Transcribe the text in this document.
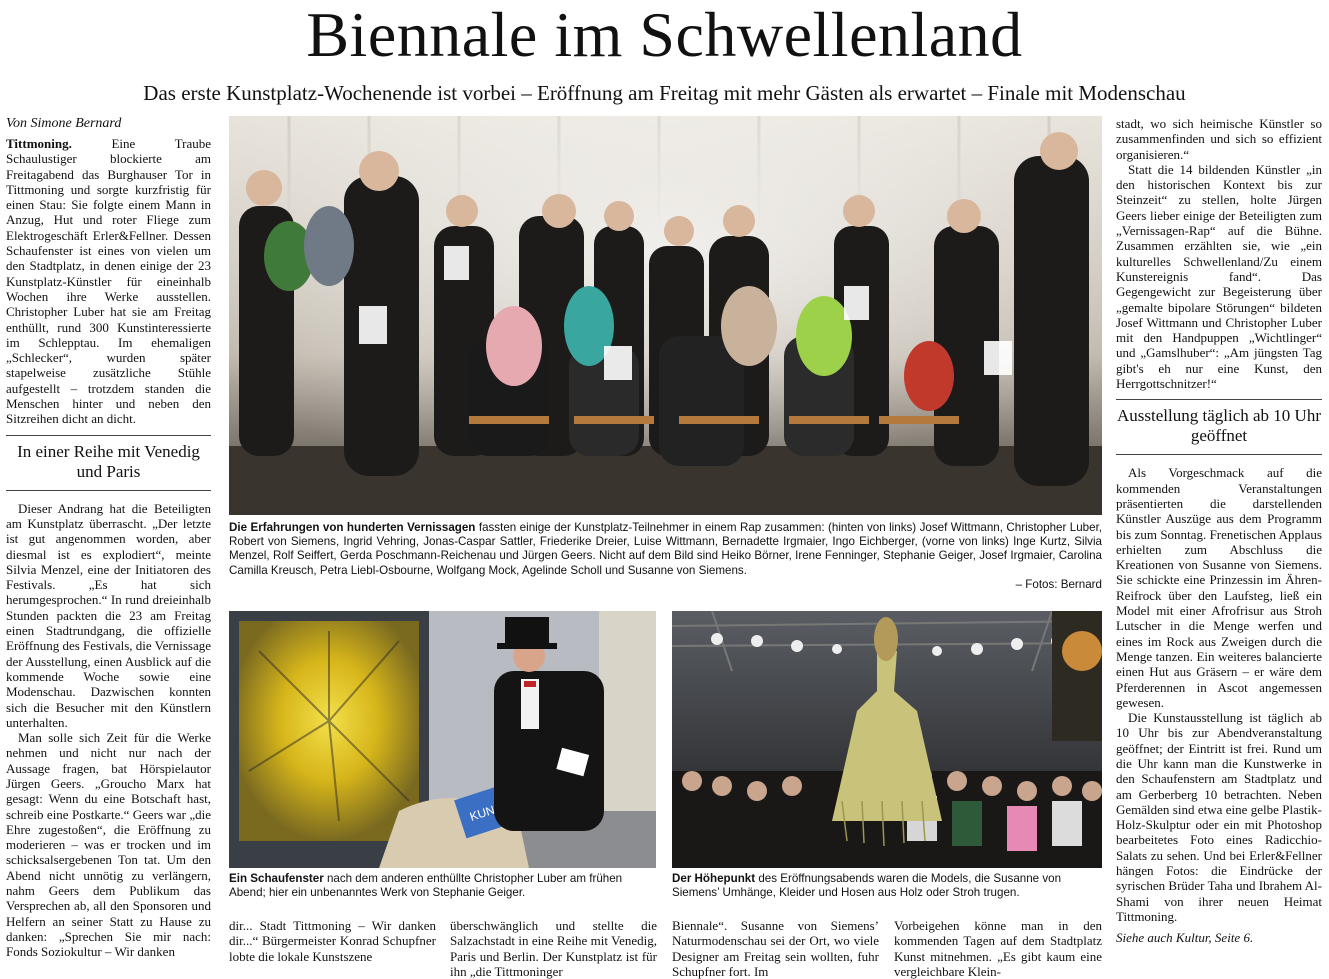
Biennale im Schwellenland
Das erste Kunstplatz-Wochenende ist vorbei – Eröffnung am Freitag mit mehr Gästen als erwartet – Finale mit Modenschau
Von Simone Bernard

Tittmoning.	Eine Traube Schaulustiger blockierte am Freitagabend das Burghauser Tor in Tittmoning und sorgte kurzfristig für einen Stau: Sie folgte einem Mann in Anzug, Hut und roter Fliege zum Elektrogeschäft Erler&Fellner. Dessen Schaufenster ist eines von vielen um den Stadtplatz, in denen einige der 23 Kunstplatz-Künstler für eineinhalb Wochen ihre Werke ausstellen. Christopher Luber hat sie am Freitag enthüllt, rund 300 Kunstinteressierte im Schlepptau. Im ehemaligen „Schlecker“, wurden später stapelweise zusätzliche Stühle aufgestellt – trotzdem standen die Menschen hinter und neben den Sitzreihen dicht an dicht.

In einer Reihe mit Venedig und Paris

Dieser Andrang hat die Beteiligten am Kunstplatz überrascht. „Der letzte ist gut angenommen worden, aber diesmal ist es explodiert“, meinte Silvia Menzel, eine der Initiatoren des Festivals. „Es hat sich herumgesprochen.“ In rund dreieinhalb Stunden packten die 23 am Freitag einen Stadtrundgang, die offizielle Eröffnung des Festivals, die Vernissage der Ausstellung, einen Ausblick auf die kommende Woche sowie eine Modenschau. Dazwischen konnten sich die Besucher mit den Künstlern unterhalten.

Man solle sich Zeit für die Werke nehmen und nicht nur nach der Aussage fragen, bat Hörspielautor Jürgen Geers. „Groucho Marx hat gesagt: Wenn du eine Botschaft hast, schreib eine Postkarte.“ Geers war „die Ehre zugestoßen“, die Eröffnung zu moderieren – was er trocken und im schicksalsergebenen Ton tat. Um den Abend nicht unnötig zu verlängern, nahm Geers dem Publikum das Versprechen ab, all den Sponsoren und Helfern an seiner Statt zu Hause zu danken: „Sprechen Sie mir nach: Fonds Soziokultur – Wir danken

Die Erfahrungen von hunderten Vernissagen fassten einige der Kunstplatz-Teilnehmer in einem Rap zusammen: (hinten von links) Josef Wittmann, Christopher Luber, Robert von Siemens, Ingrid Vehring, Jonas-Caspar Sattler, Friederike Dreier, Luise Wittmann, Bernadette Irgmaier, Ingo Eichberger, (vorne von links) Inge Kurtz, Silvia Menzel, Rolf Seiffert, Gerda Poschmann-Reichenau und Jürgen Geers. Nicht auf dem Bild sind Heiko Börner, Irene Fenninger, Stephanie Geiger, Josef Irgmaier, Carolina Camilla Kreusch, Petra Liebl-Osbourne, Wolfgang Mock, Agelinde Scholl und Susanne von Siemens.
– Fotos: Bernard
KUNST
Ein Schaufenster nach dem anderen enthüllte Christopher Luber am frühen Abend; hier ein unbenanntes Werk von Stephanie Geiger.
Der Höhepunkt des Eröffnungsabends waren die Models, die Susanne von Siemens’ Umhänge, Kleider und Hosen aus Holz oder Stroh trugen.

dir... Stadt Tittmoning – Wir danken dir...“ Bürgermeister Konrad Schupfner lobte die lokale Kunstszene

überschwänglich und stellte die Salzachstadt in eine Reihe mit Venedig, Paris und Berlin. Der Kunstplatz ist für ihn „die Tittmoninger

Biennale“. Susanne von Siemens’ Naturmodenschau sei der Ort, wo viele Designer am Freitag sein wollten, fuhr Schupfner fort. Im

Vorbeigehen könne man in den kommenden Tagen auf dem Stadtplatz Kunst mitnehmen. „Es gibt kaum eine vergleichbare Klein-

stadt, wo sich heimische Künstler so zusammenfinden und sich so effizient organisieren.“

Statt die 14 bildenden Künstler „in den historischen Kontext bis zur Steinzeit“ zu stellen, holte Jürgen Geers lieber einige der Beteiligten zum „Vernissagen-Rap“ auf die Bühne. Zusammen erzählten sie, wie „ein kulturelles Schwellenland/Zu einem Kunstereignis fand“. Das Gegengewicht zur Begeisterung über „gemalte bipolare Störungen“ bildeten Josef Wittmann und Christopher Luber mit den Handpuppen „Wichtlinger“ und „Gamslhuber“: „Am jüngsten Tag gibt's eh nur eine Kunst, den Herrgottschnitzer!“

Ausstellung täglich ab 10 Uhr geöffnet

Als Vorgeschmack auf die kommenden Veranstaltungen präsentierten die darstellenden Künstler Auszüge aus dem Programm bis zum Sonntag. Frenetischen Applaus erhielten zum Abschluss die Kreationen von Susanne von Siemens. Sie schickte eine Prinzessin im Ähren-Reifrock über den Laufsteg, ließ ein Model mit einer Afrofrisur aus Stroh Lutscher in die Menge werfen und eines im Rock aus Zweigen durch die Menge tanzen. Ein weiteres balancierte einen Hut aus Gräsern – er wäre dem Pferderennen in Ascot angemessen gewesen.

Die Kunstausstellung ist täglich ab 10 Uhr bis zur Abendveranstaltung geöffnet; der Eintritt ist frei. Rund um die Uhr kann man die Kunstwerke in den Schaufenstern am Stadtplatz und am Gerberberg 10 betrachten. Neben Gemälden sind etwa eine gelbe Plastik-Holz-Skulptur oder ein mit Photoshop bearbeitetes Foto eines Radicchio-Salats zu sehen. Und bei Erler&Fellner hängen Fotos: die Eindrücke der syrischen Brüder Taha und Ibrahem Al-Shami von ihrer neuen Heimat Tittmoning.

Siehe auch Kultur, Seite 6.
